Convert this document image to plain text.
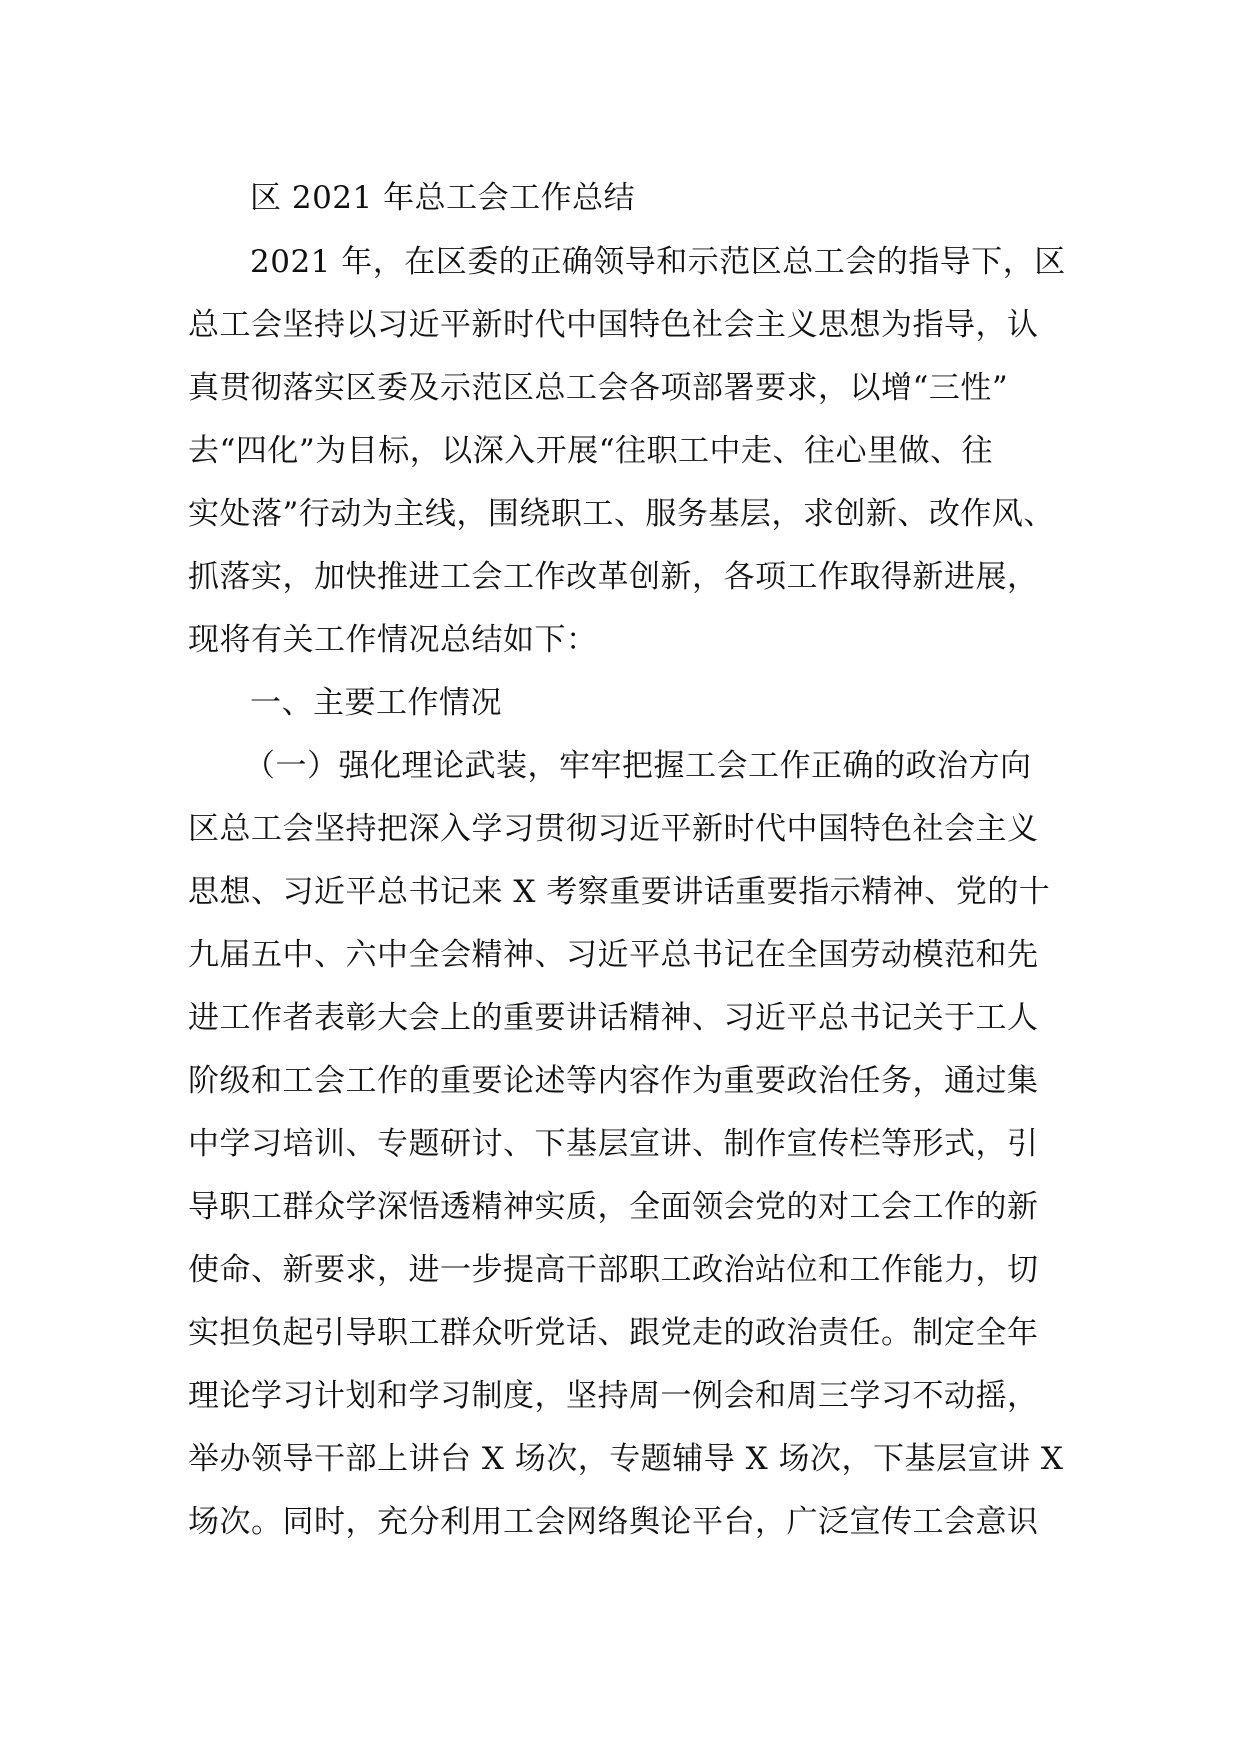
区 2021 年总工会工作总结
2021 年，在区委的正确领导和示范区总工会的指导下，区
总工会坚持以习近平新时代中国特色社会主义思想为指导，认
真贯彻落实区委及示范区总工会各项部署要求，以增“三性”
去“四化”为目标，以深入开展“往职工中走、往心里做、往
实处落”行动为主线，围绕职工、服务基层，求创新、改作风、
抓落实，加快推进工会工作改革创新，各项工作取得新进展，
现将有关工作情况总结如下：
一、主要工作情况
（一）强化理论武装，牢牢把握工会工作正确的政治方向
区总工会坚持把深入学习贯彻习近平新时代中国特色社会主义
思想、习近平总书记来 X 考察重要讲话重要指示精神、党的十
九届五中、六中全会精神、习近平总书记在全国劳动模范和先
进工作者表彰大会上的重要讲话精神、习近平总书记关于工人
阶级和工会工作的重要论述等内容作为重要政治任务，通过集
中学习培训、专题研讨、下基层宣讲、制作宣传栏等形式，引
导职工群众学深悟透精神实质，全面领会党的对工会工作的新
使命、新要求，进一步提高干部职工政治站位和工作能力，切
实担负起引导职工群众听党话、跟党走的政治责任。制定全年
理论学习计划和学习制度，坚持周一例会和周三学习不动摇，
举办领导干部上讲台 X 场次，专题辅导 X 场次，下基层宣讲 X
场次。同时，充分利用工会网络舆论平台，广泛宣传工会意识
